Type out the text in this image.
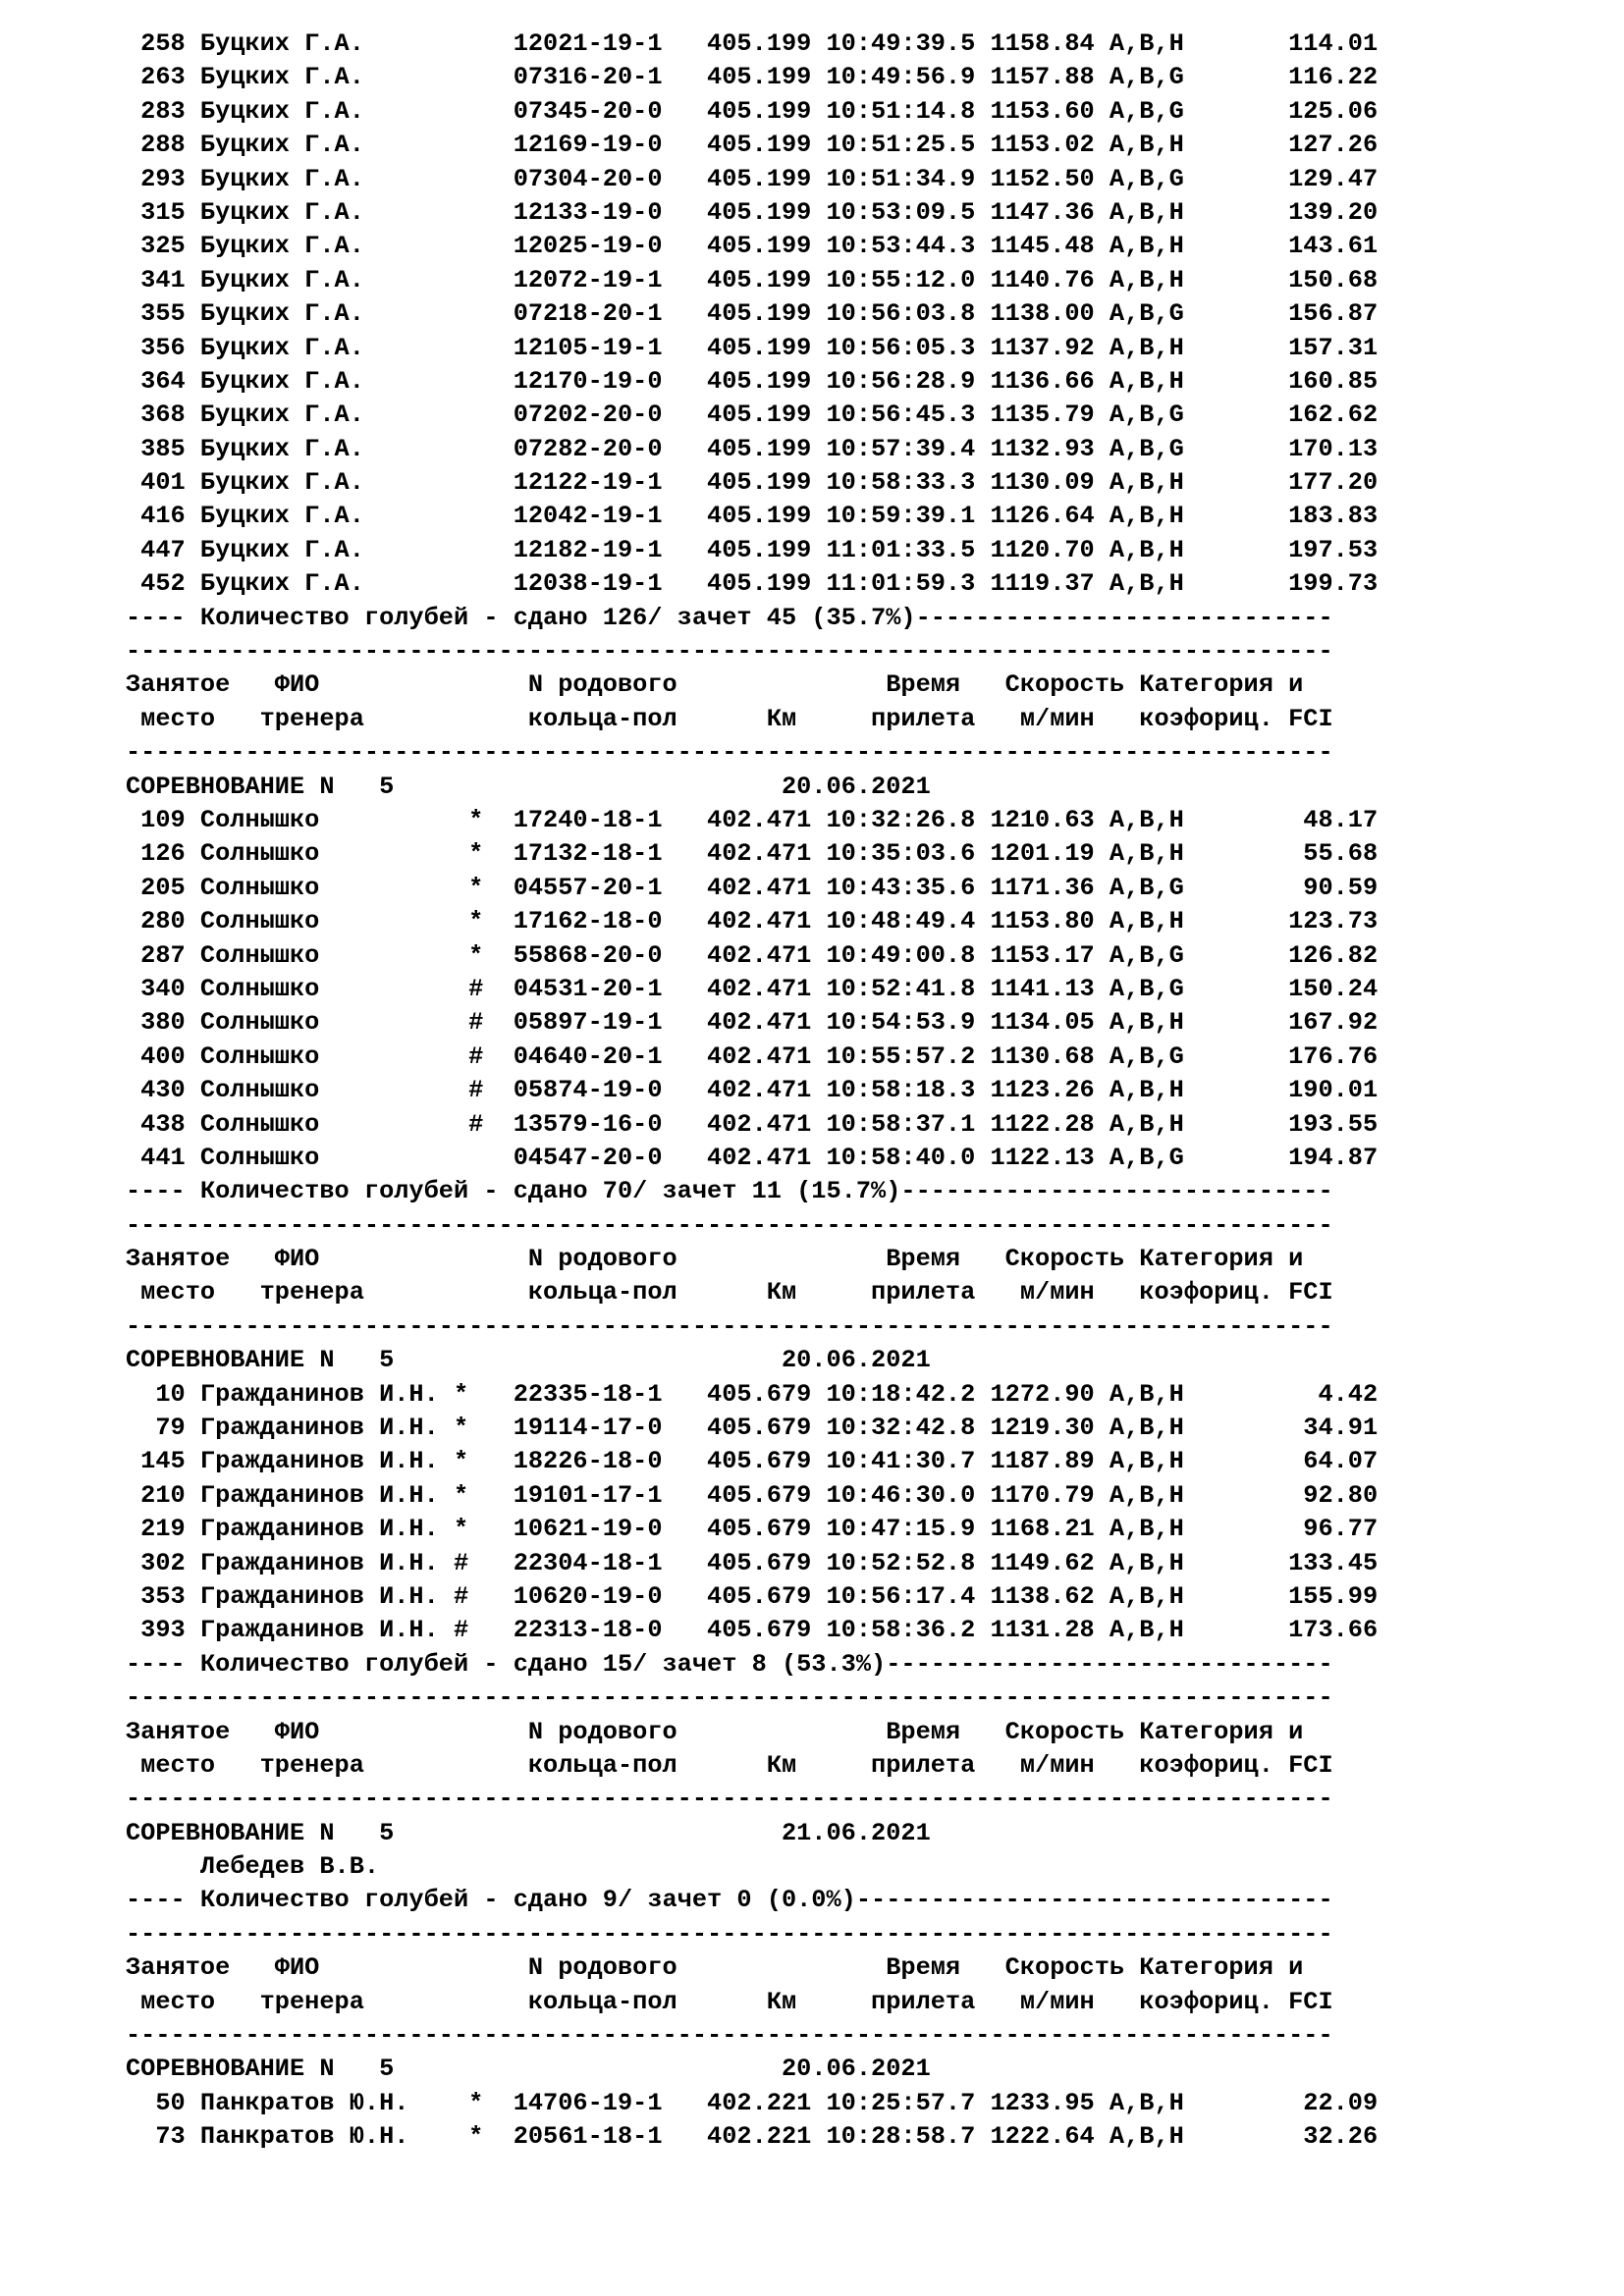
258 Буцких Г.А.          12021-19-1   405.199 10:49:39.5 1158.84 A,B,H       114.01
263 Буцких Г.А.          07316-20-1   405.199 10:49:56.9 1157.88 A,B,G       116.22
283 Буцких Г.А.          07345-20-0   405.199 10:51:14.8 1153.60 A,B,G       125.06
288 Буцких Г.А.          12169-19-0   405.199 10:51:25.5 1153.02 A,B,H       127.26
293 Буцких Г.А.          07304-20-0   405.199 10:51:34.9 1152.50 A,B,G       129.47
315 Буцких Г.А.          12133-19-0   405.199 10:53:09.5 1147.36 A,B,H       139.20
325 Буцких Г.А.          12025-19-0   405.199 10:53:44.3 1145.48 A,B,H       143.61
341 Буцких Г.А.          12072-19-1   405.199 10:55:12.0 1140.76 A,B,H       150.68
355 Буцких Г.А.          07218-20-1   405.199 10:56:03.8 1138.00 A,B,G       156.87
356 Буцких Г.А.          12105-19-1   405.199 10:56:05.3 1137.92 A,B,H       157.31
364 Буцких Г.А.          12170-19-0   405.199 10:56:28.9 1136.66 A,B,H       160.85
368 Буцких Г.А.          07202-20-0   405.199 10:56:45.3 1135.79 A,B,G       162.62
385 Буцких Г.А.          07282-20-0   405.199 10:57:39.4 1132.93 A,B,G       170.13
401 Буцких Г.А.          12122-19-1   405.199 10:58:33.3 1130.09 A,B,H       177.20
416 Буцких Г.А.          12042-19-1   405.199 10:59:39.1 1126.64 A,B,H       183.83
447 Буцких Г.А.          12182-19-1   405.199 11:01:33.5 1120.70 A,B,H       197.53
452 Буцких Г.А.          12038-19-1   405.199 11:01:59.3 1119.37 A,B,H       199.73
---- Количество голубей - сдано 126/ зачет 45 (35.7%)----------------------------
---------------------------------------------------------------------------------
Занятое   ФИО              N родового              Время   Скорость Категория и
место   тренера           кольца-пол      Км     прилета   м/мин   коэфориц. FCI
---------------------------------------------------------------------------------
СОРЕВНОВАНИЕ N   5                          20.06.2021
109 Солнышко          *  17240-18-1   402.471 10:32:26.8 1210.63 A,B,H        48.17
126 Солнышко          *  17132-18-1   402.471 10:35:03.6 1201.19 A,B,H        55.68
205 Солнышко          *  04557-20-1   402.471 10:43:35.6 1171.36 A,B,G        90.59
280 Солнышко          *  17162-18-0   402.471 10:48:49.4 1153.80 A,B,H       123.73
287 Солнышко          *  55868-20-0   402.471 10:49:00.8 1153.17 A,B,G       126.82
340 Солнышко          #  04531-20-1   402.471 10:52:41.8 1141.13 A,B,G       150.24
380 Солнышко          #  05897-19-1   402.471 10:54:53.9 1134.05 A,B,H       167.92
400 Солнышко          #  04640-20-1   402.471 10:55:57.2 1130.68 A,B,G       176.76
430 Солнышко          #  05874-19-0   402.471 10:58:18.3 1123.26 A,B,H       190.01
438 Солнышко          #  13579-16-0   402.471 10:58:37.1 1122.28 A,B,H       193.55
441 Солнышко             04547-20-0   402.471 10:58:40.0 1122.13 A,B,G       194.87
---- Количество голубей - сдано 70/ зачет 11 (15.7%)-----------------------------
---------------------------------------------------------------------------------
Занятое   ФИО              N родового              Время   Скорость Категория и
место   тренера           кольца-пол      Км     прилета   м/мин   коэфориц. FCI
---------------------------------------------------------------------------------
СОРЕВНОВАНИЕ N   5                          20.06.2021
10 Гражданинов И.Н. *   22335-18-1   405.679 10:18:42.2 1272.90 A,B,H         4.42
79 Гражданинов И.Н. *   19114-17-0   405.679 10:32:42.8 1219.30 A,B,H        34.91
145 Гражданинов И.Н. *   18226-18-0   405.679 10:41:30.7 1187.89 A,B,H        64.07
210 Гражданинов И.Н. *   19101-17-1   405.679 10:46:30.0 1170.79 A,B,H        92.80
219 Гражданинов И.Н. *   10621-19-0   405.679 10:47:15.9 1168.21 A,B,H        96.77
302 Гражданинов И.Н. #   22304-18-1   405.679 10:52:52.8 1149.62 A,B,H       133.45
353 Гражданинов И.Н. #   10620-19-0   405.679 10:56:17.4 1138.62 A,B,H       155.99
393 Гражданинов И.Н. #   22313-18-0   405.679 10:58:36.2 1131.28 A,B,H       173.66
---- Количество голубей - сдано 15/ зачет 8 (53.3%)------------------------------
---------------------------------------------------------------------------------
Занятое   ФИО              N родового              Время   Скорость Категория и
место   тренера           кольца-пол      Км     прилета   м/мин   коэфориц. FCI
---------------------------------------------------------------------------------
СОРЕВНОВАНИЕ N   5                          21.06.2021
Лебедев В.В.
---- Количество голубей - сдано 9/ зачет 0 (0.0%)--------------------------------
---------------------------------------------------------------------------------
Занятое   ФИО              N родового              Время   Скорость Категория и
место   тренера           кольца-пол      Км     прилета   м/мин   коэфориц. FCI
---------------------------------------------------------------------------------
СОРЕВНОВАНИЕ N   5                          20.06.2021
50 Панкратов Ю.Н.    *  14706-19-1   402.221 10:25:57.7 1233.95 A,B,H        22.09
73 Панкратов Ю.Н.    *  20561-18-1   402.221 10:28:58.7 1222.64 A,B,H        32.26
